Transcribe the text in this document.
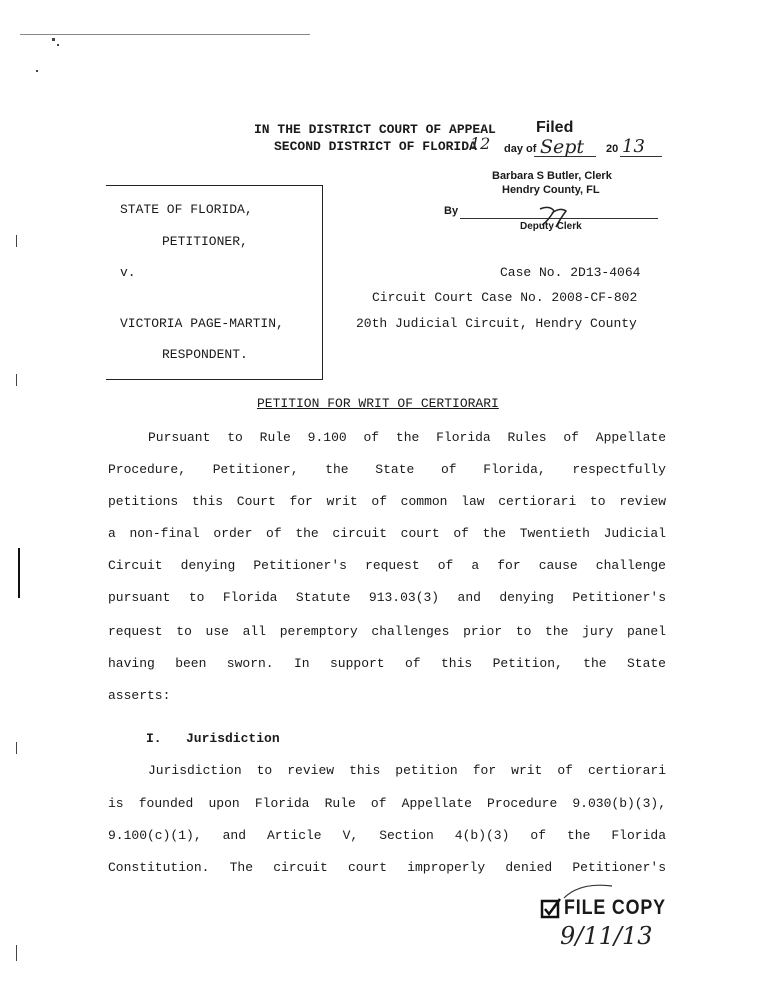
IN THE DISTRICT COURT OF APPEAL
SECOND DISTRICT OF FLORIDA
Filed
day of
12	Sept 20 13
Barbara S Butler, Clerk
Hendry County, FL
By
Deputy Clerk
STATE OF FLORIDA,
PETITIONER,
v.
VICTORIA PAGE-MARTIN,
RESPONDENT.
Case No. 2D13-4064
Circuit Court Case No. 2008-CF-802
20th Judicial Circuit, Hendry County
PETITION FOR WRIT OF CERTIORARI
Pursuant to Rule 9.100 of the Florida Rules of Appellate
Procedure, Petitioner, the State of Florida, respectfully
petitions this Court for writ of common law certiorari to review
a non-final order of the circuit court of the Twentieth Judicial
Circuit denying Petitioner's request of a for cause challenge
pursuant to Florida Statute 913.03(3) and denying Petitioner's
request to use all peremptory challenges prior to the jury panel
having been sworn. In support of this Petition, the State
asserts:
I. Jurisdiction
Jurisdiction to review this petition for writ of certiorari
is founded upon Florida Rule of Appellate Procedure 9.030(b)(3),
9.100(c)(1), and Article V, Section 4(b)(3) of the Florida
Constitution. The circuit court improperly denied Petitioner's
FILE COPY
9/11/13
